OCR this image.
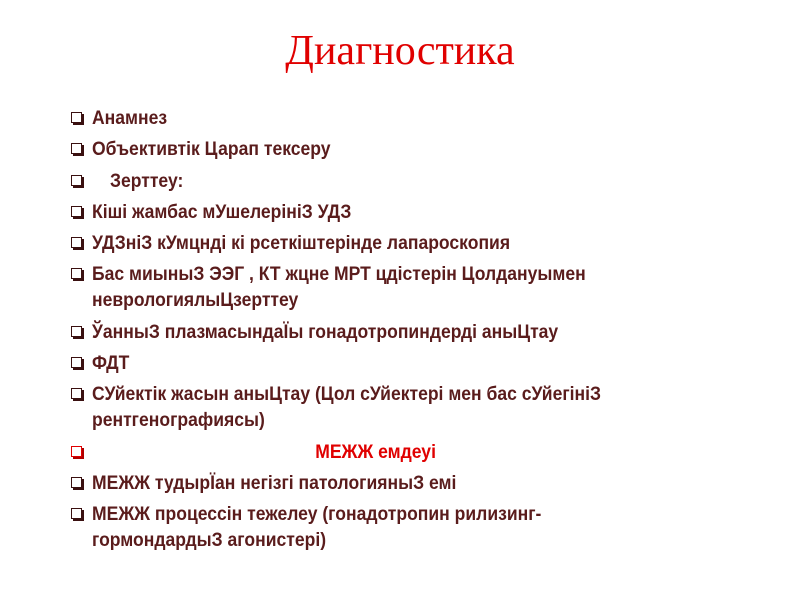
Диагностика
Анамнез
Объективтік Царап тексеру
Зерттеу:
Кіші жамбас мУшелерініЗ УДЗ
УДЗніЗ кУмцнді кі рсеткіштерінде лапароскопия
Бас миыныЗ ЭЭГ , КТ жцне МРТ цдістерін Цолдануымен
неврологиялыЦзерттеу
ЎанныЗ плазмасындаЇы гонадотропиндерді аныЦтау
ФДТ
СУйектік жасын аныЦтау (Цол сУйектері мен бас сУйегініЗ
рентгенографиясы)
МЕЖЖ емдеуі
МЕЖЖ тудырЇан негізгі патологияныЗ емі
МЕЖЖ процессін тежелеу (гонадотропин рилизинг-
гормондардыЗ агонистері)
